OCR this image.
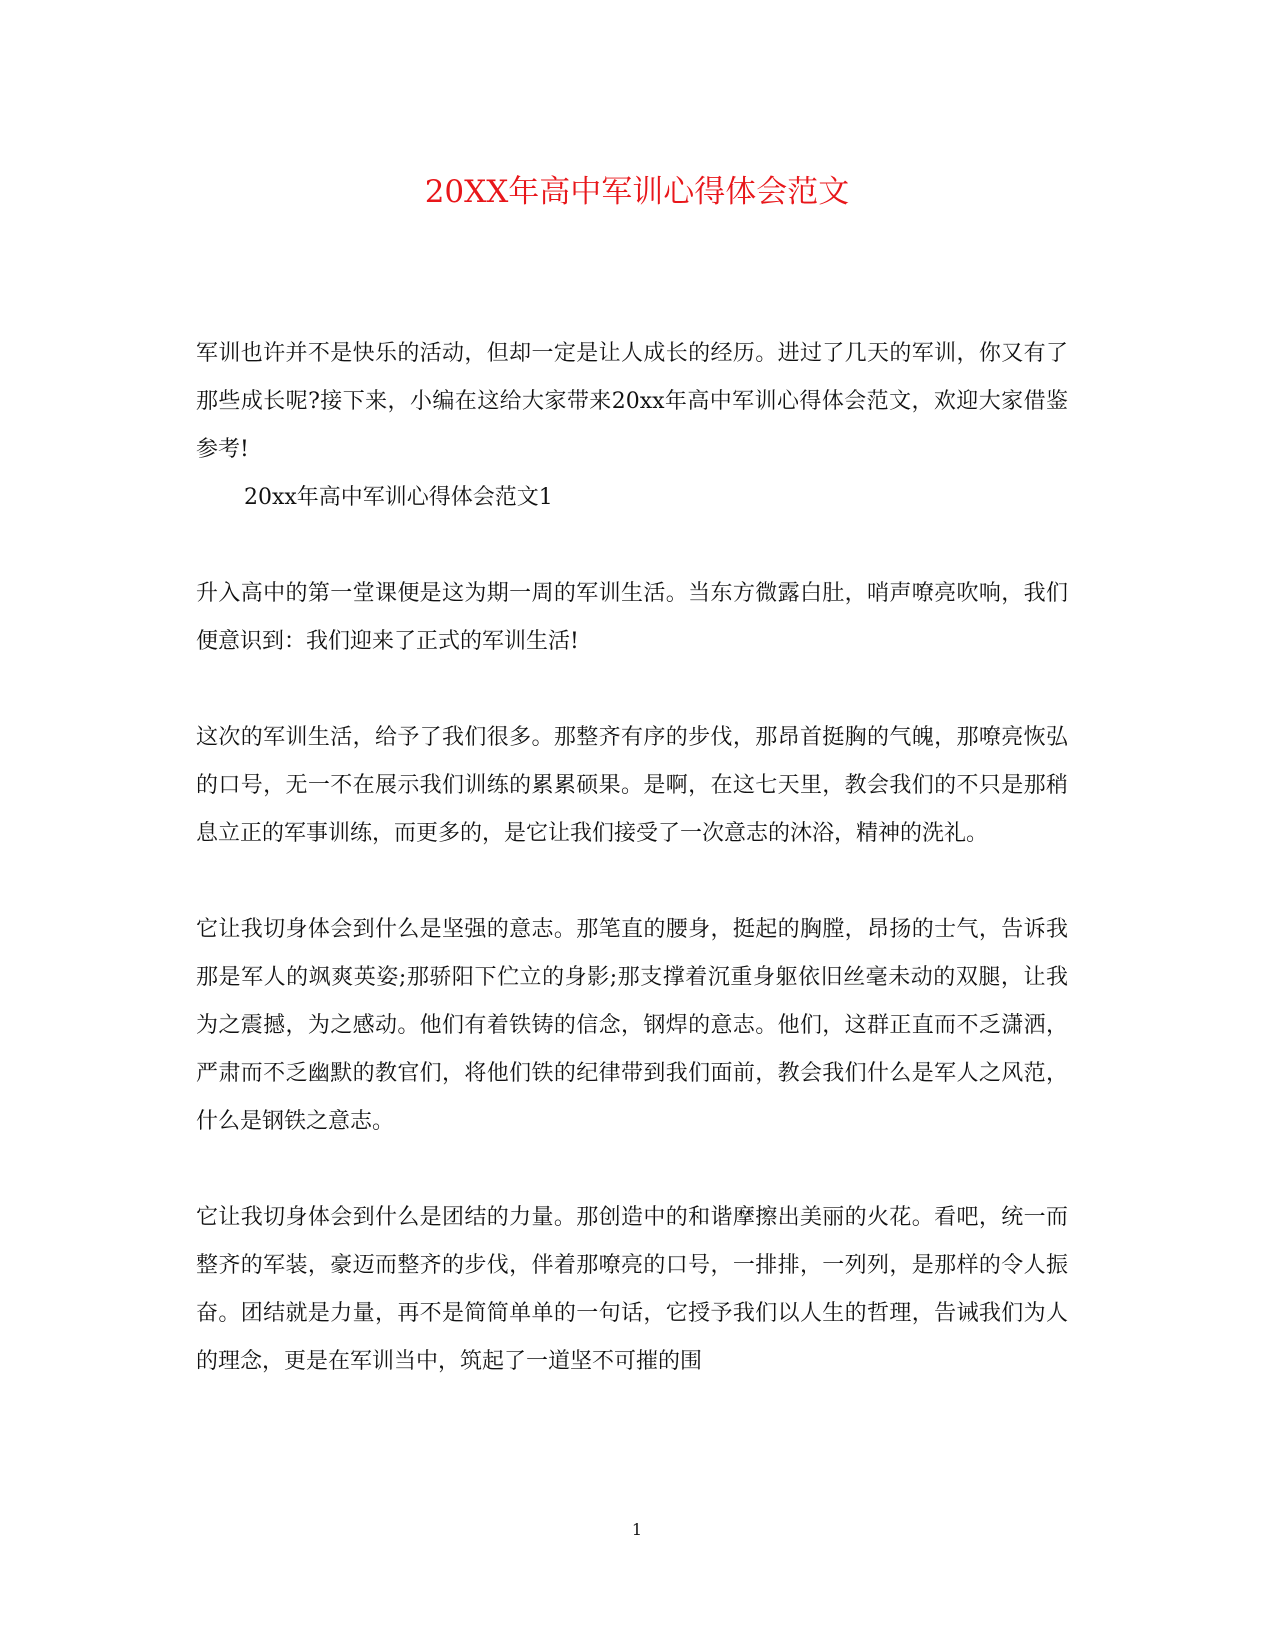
20XX年高中军训心得体会范文

军训也许并不是快乐的活动，但却一定是让人成长的经历。进过了几天的军训，你又有了那些成长呢?接下来，小编在这给大家带来20xx年高中军训心得体会范文，欢迎大家借鉴参考!

20xx年高中军训心得体会范文1

升入高中的第一堂课便是这为期一周的军训生活。当东方微露白肚，哨声嘹亮吹响，我们便意识到：我们迎来了正式的军训生活!

这次的军训生活，给予了我们很多。那整齐有序的步伐，那昂首挺胸的气魄，那嘹亮恢弘的口号，无一不在展示我们训练的累累硕果。是啊，在这七天里，教会我们的不只是那稍息立正的军事训练，而更多的，是它让我们接受了一次意志的沐浴，精神的洗礼。

它让我切身体会到什么是坚强的意志。那笔直的腰身，挺起的胸膛，昂扬的士气，告诉我那是军人的飒爽英姿;那骄阳下伫立的身影;那支撑着沉重身躯依旧丝毫未动的双腿，让我为之震撼，为之感动。他们有着铁铸的信念，钢焊的意志。他们，这群正直而不乏潇洒，严肃而不乏幽默的教官们，将他们铁的纪律带到我们面前，教会我们什么是军人之风范，什么是钢铁之意志。

它让我切身体会到什么是团结的力量。那创造中的和谐摩擦出美丽的火花。看吧，统一而整齐的军装，豪迈而整齐的步伐，伴着那嘹亮的口号，一排排，一列列，是那样的令人振奋。团结就是力量，再不是简简单单的一句话，它授予我们以人生的哲理，告诫我们为人的理念，更是在军训当中，筑起了一道坚不可摧的围

1
